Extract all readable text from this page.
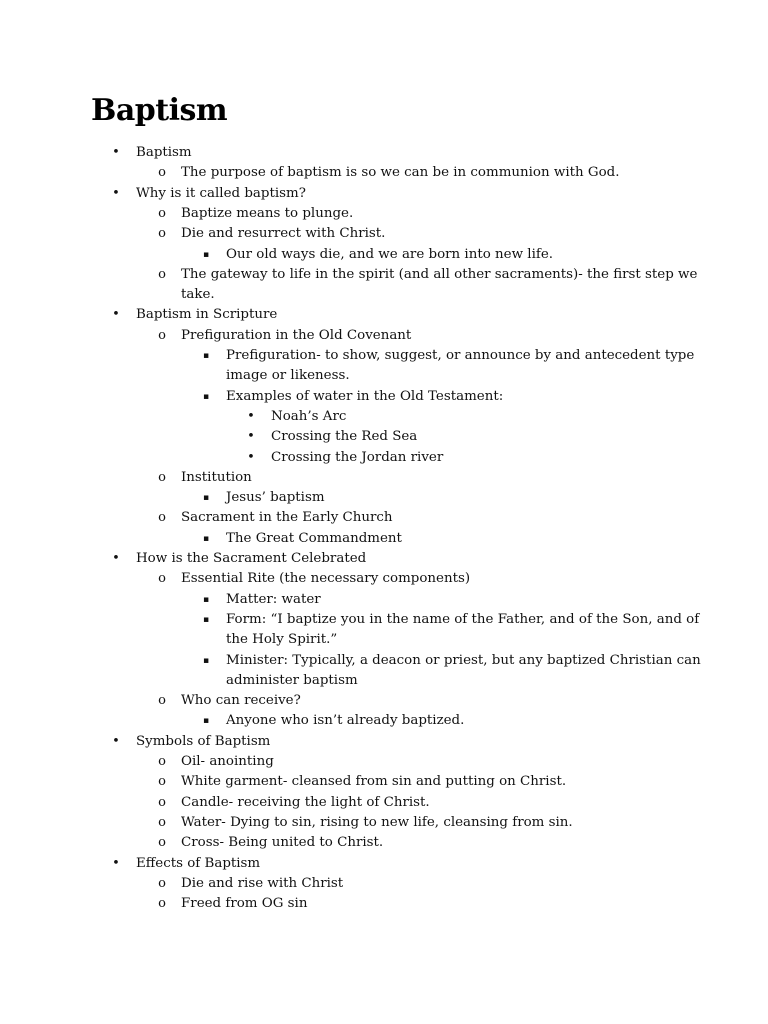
Baptism
• Baptism
o The purpose of baptism is so we can be in communion with God.
• Why is it called baptism?
o Baptize means to plunge.
o Die and resurrect with Christ.
▪ Our old ways die, and we are born into new life.
o The gateway to life in the spirit (and all other sacraments)- the first step we
take.
• Baptism in Scripture
o Prefiguration in the Old Covenant
▪ Prefiguration- to show, suggest, or announce by and antecedent type
image or likeness.
▪ Examples of water in the Old Testament:
• Noah’s Arc
• Crossing the Red Sea
• Crossing the Jordan river
o Institution
▪ Jesus’ baptism
o Sacrament in the Early Church
▪ The Great Commandment
• How is the Sacrament Celebrated
o Essential Rite (the necessary components)
▪ Matter: water
▪ Form: “I baptize you in the name of the Father, and of the Son, and of
the Holy Spirit.”
▪ Minister: Typically, a deacon or priest, but any baptized Christian can
administer baptism
o Who can receive?
▪ Anyone who isn’t already baptized.
• Symbols of Baptism
o Oil- anointing
o White garment- cleansed from sin and putting on Christ.
o Candle- receiving the light of Christ.
o Water- Dying to sin, rising to new life, cleansing from sin.
o Cross- Being united to Christ.
• Effects of Baptism
o Die and rise with Christ
o Freed from OG sin
